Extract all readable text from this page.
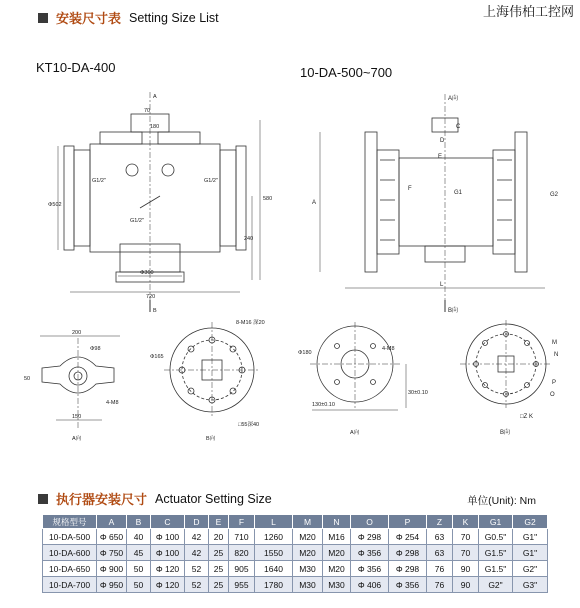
上海伟柏工控网
安装尺寸表 Setting Size List
KT10-DA-400	10-DA-500~700
A
70
180
G1/2"	G1/2"
Φ502
G1/2"
580
240
Φ300
720
B
A向
C
D
E
A
F
G1	G2
L
B向
200
Φ98
50
150
4-M8
A向
Φ165
8-M16 深20
□55深40
B向
Φ180
4-M8
130±0.10
30±0.10
A向
M
N
P
O
□Z K
B向
执行器安装尺寸 Actuator Setting Size	单位(Unit): Nm
规格型号	A	B	C	D	E	F	L	M	N	O	P	Z	K	G1	G2
10-DA-500	Φ 650	40	Φ 100	42	20	710	1260	M20	M16	Φ 298	Φ 254	63	70	G0.5"	G1"
10-DA-600	Φ 750	45	Φ 100	42	25	820	1550	M20	M20	Φ 356	Φ 298	63	70	G1.5"	G1"
10-DA-650	Φ 900	50	Φ 120	52	25	905	1640	M30	M20	Φ 356	Φ 298	76	90	G1.5"	G2"
10-DA-700	Φ 950	50	Φ 120	52	25	955	1780	M30	M30	Φ 406	Φ 356	76	90	G2"	G3"
